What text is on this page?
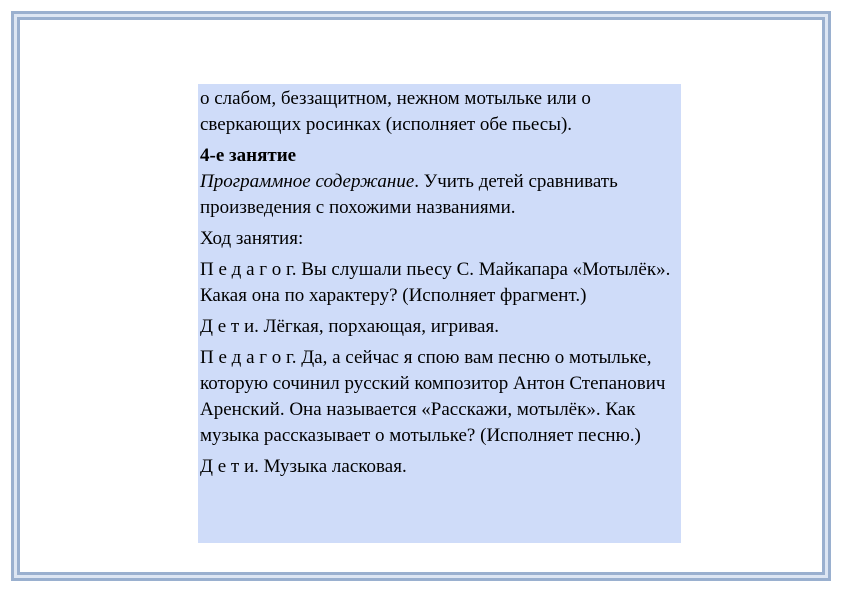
о слабом, беззащитном, нежном мотыльке или о сверкающих росинках (исполняет обе пьесы).

4-е занятие

Программное содержание. Учить детей сравнивать произведения с похожими названиями.

Ход занятия:

П е д а г о г. Вы слушали пьесу С. Майкапара «Мотылёк». Какая она по характеру? (Исполняет фрагмент.)

Д е т и. Лёгкая, порхающая, игривая.

П е д а г о г. Да, а сейчас я спою вам песню о мотыльке, которую сочинил русский композитор Антон Степанович Аренский. Она называется «Расскажи, мотылёк». Как музыка рассказывает о мотыльке? (Исполняет песню.)

Д е т и. Музыка ласковая.
